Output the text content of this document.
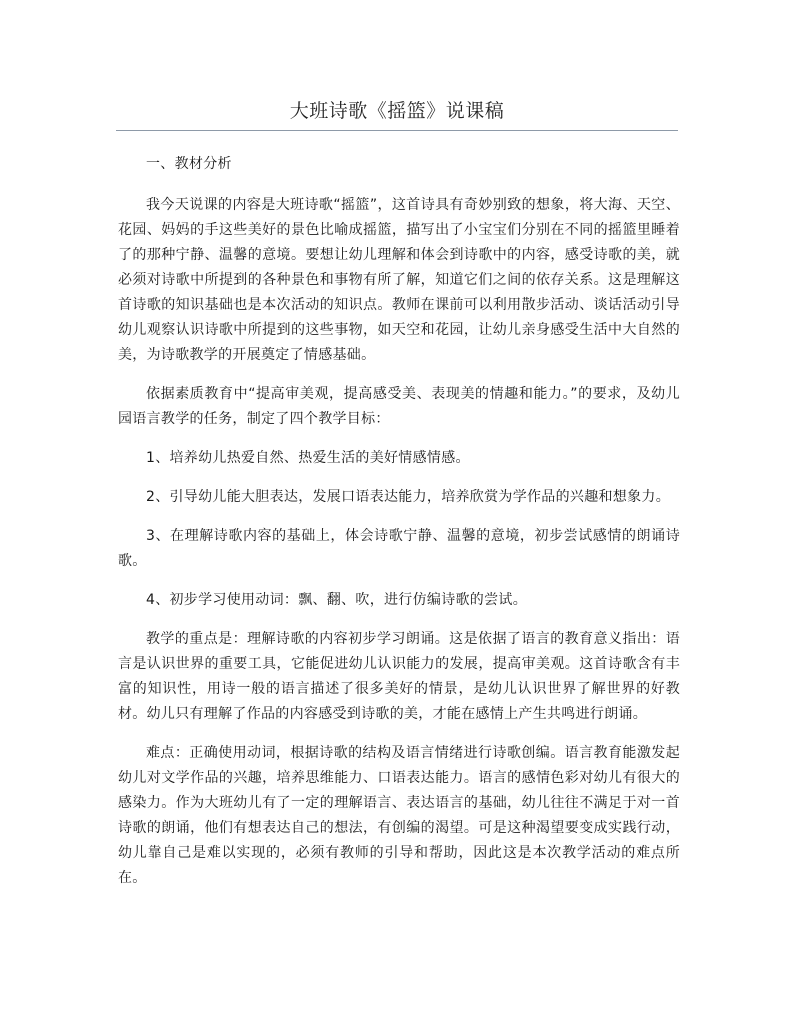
大班诗歌《摇篮》说课稿

一、教材分析

我今天说课的内容是大班诗歌“摇篮”，这首诗具有奇妙别致的想象，将大海、天空、花园、妈妈的手这些美好的景色比喻成摇篮，描写出了小宝宝们分别在不同的摇篮里睡着了的那种宁静、温馨的意境。要想让幼儿理解和体会到诗歌中的内容，感受诗歌的美，就必须对诗歌中所提到的各种景色和事物有所了解，知道它们之间的依存关系。这是理解这首诗歌的知识基础也是本次活动的知识点。教师在课前可以利用散步活动、谈话活动引导幼儿观察认识诗歌中所提到的这些事物，如天空和花园，让幼儿亲身感受生活中大自然的美，为诗歌教学的开展奠定了情感基础。

依据素质教育中“提高审美观，提高感受美、表现美的情趣和能力。”的要求，及幼儿园语言教学的任务，制定了四个教学目标：

1、培养幼儿热爱自然、热爱生活的美好情感情感。

2、引导幼儿能大胆表达，发展口语表达能力，培养欣赏为学作品的兴趣和想象力。

3、在理解诗歌内容的基础上，体会诗歌宁静、温馨的意境，初步尝试感情的朗诵诗歌。

4、初步学习使用动词：飘、翻、吹，进行仿编诗歌的尝试。

教学的重点是：理解诗歌的内容初步学习朗诵。这是依据了语言的教育意义指出：语言是认识世界的重要工具，它能促进幼儿认识能力的发展，提高审美观。这首诗歌含有丰富的知识性，用诗一般的语言描述了很多美好的情景，是幼儿认识世界了解世界的好教材。幼儿只有理解了作品的内容感受到诗歌的美，才能在感情上产生共鸣进行朗诵。

难点：正确使用动词，根据诗歌的结构及语言情绪进行诗歌创编。语言教育能激发起幼儿对文学作品的兴趣，培养思维能力、口语表达能力。语言的感情色彩对幼儿有很大的感染力。作为大班幼儿有了一定的理解语言、表达语言的基础，幼儿往往不满足于对一首诗歌的朗诵，他们有想表达自己的想法，有创编的渴望。可是这种渴望要变成实践行动，幼儿靠自己是难以实现的，必须有教师的引导和帮助，因此这是本次教学活动的难点所在。
